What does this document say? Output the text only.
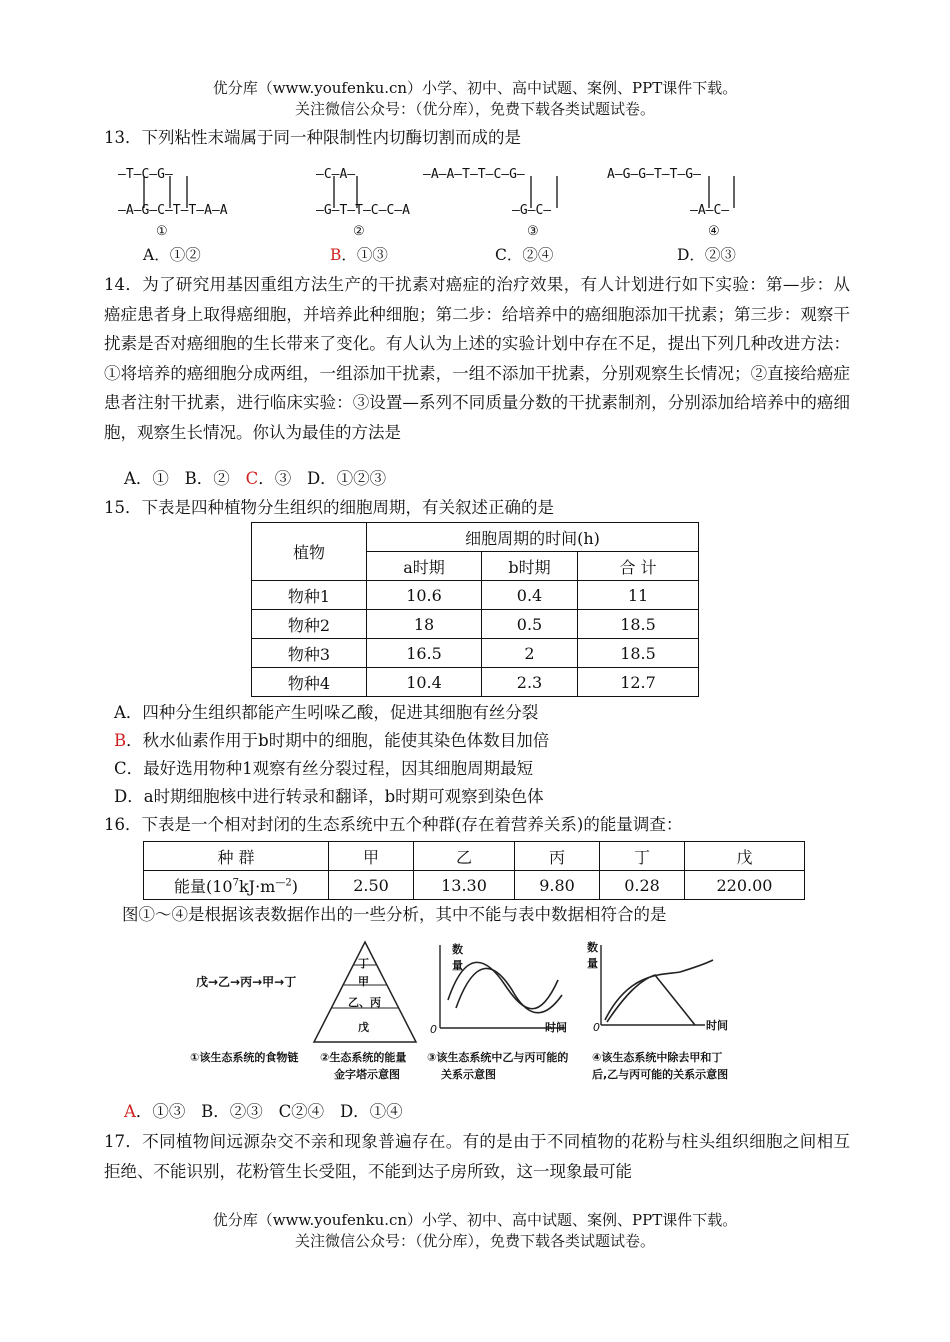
优分库（www.youfenku.cn）小学、初中、高中试题、案例、PPT课件下载。
关注微信公众号：（优分库），免费下载各类试题试卷。
13．下列粘性末端属于同一种限制性内切酶切割而成的是
—T—C—G—
—A—G—C—T—T—A—A
①
—C—A—
—G—T—T—C—C—A
②
—A—A—T—T—C—G—
—G—C—
③
A—G—G—T—T—G—
—A—C—
④
A．①②	B．①③	C．②④	D．②③
14．为了研究用基因重组方法生产的干扰素对癌症的治疗效果，有人计划进行如下实验：第—步：从癌症患者身上取得癌细胞，并培养此种细胞；第二步：给培养中的癌细胞添加干扰素；第三步：观察干扰素是否对癌细胞的生长带来了变化。有人认为上述的实验计划中存在不足，提出下列几种改进方法：①将培养的癌细胞分成两组，一组添加干扰素，一组不添加干扰素，分别观察生长情况；②直接给癌症患者注射干扰素，进行临床实验：③设置—系列不同质量分数的干扰素制剂，分别添加给培养中的癌细胞，观察生长情况。你认为最佳的方法是
A．① B．② C．③ D．①②③
15．下表是四种植物分生组织的细胞周期，有关叙述正确的是
植物	细胞周期的时间(h)		
	a时期	b时期	合 计
物种1	10.6	0.4	11
物种2	18	0.5	18.5
物种3	16.5	2	18.5
物种4	10.4	2.3	12.7
A．四种分生组织都能产生吲哚乙酸，促进其细胞有丝分裂
B．秋水仙素作用于b时期中的细胞，能使其染色体数目加倍
C．最好选用物种1观察有丝分裂过程，因其细胞周期最短
D．a时期细胞核中进行转录和翻译，b时期可观察到染色体
16．下表是一个相对封闭的生态系统中五个种群(存在着营养关系)的能量调查：
种 群	甲	乙	丙	丁	戊
能量$(10^7kJ\cdot m^{—2})$	2.50	13.30	9.80	0.28	220.00
图①～④是根据该表数据作出的一些分析，其中不能与表中数据相符合的是
戊→乙→丙→甲→丁
丁
甲
乙、丙
戊
数量
时间
0
数量
时间
0
①该生态系统的食物链 ②生态系统的能量
金字塔示意图
③该生态系统中乙与丙可能的
关系示意图
④该生态系统中除去甲和丁
后,乙与丙可能的关系示意图
A．①③ B．②③ C②④ D．①④
17．不同植物间远源杂交不亲和现象普遍存在。有的是由于不同植物的花粉与柱头组织细胞之间相互拒绝、不能识别，花粉管生长受阻，不能到达子房所致，这一现象最可能
优分库（www.youfenku.cn）小学、初中、高中试题、案例、PPT课件下载。
关注微信公众号：（优分库），免费下载各类试题试卷。
